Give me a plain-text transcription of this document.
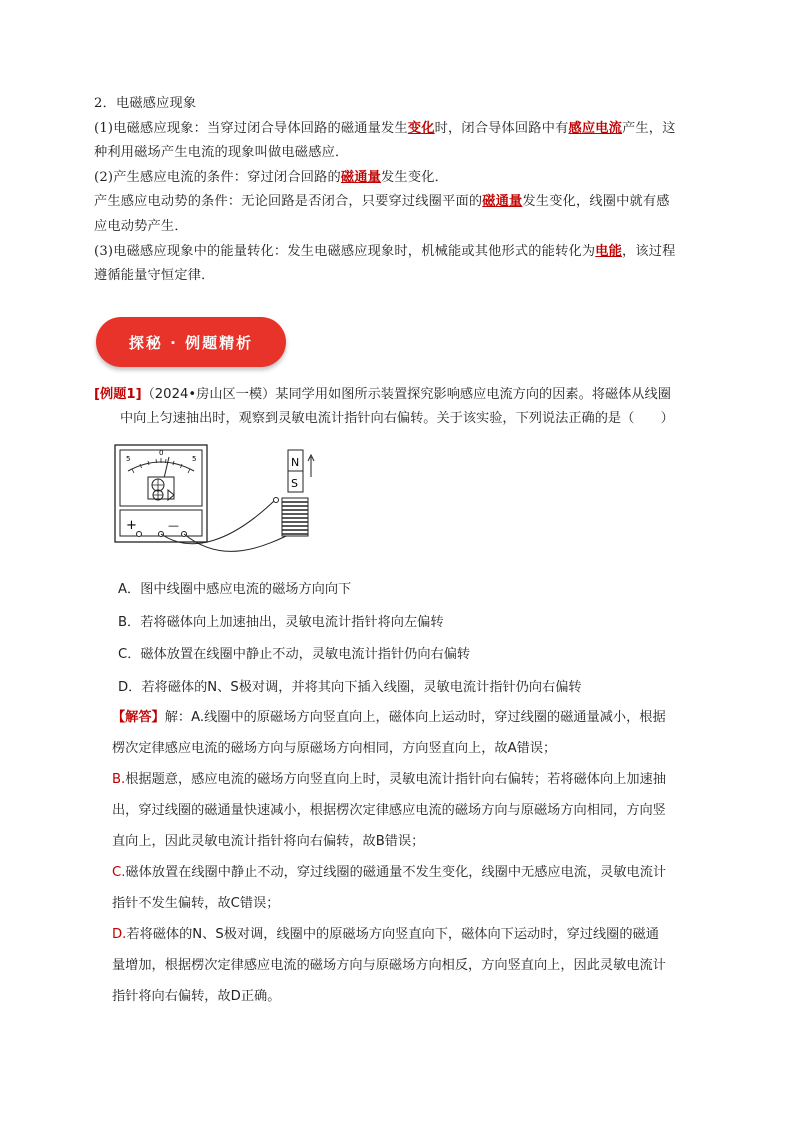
2．电磁感应现象
(1)电磁感应现象：当穿过闭合导体回路的磁通量发生变化时，闭合导体回路中有感应电流产生，这
种利用磁场产生电流的现象叫做电磁感应．
(2)产生感应电流的条件：穿过闭合回路的磁通量发生变化．
产生感应电动势的条件：无论回路是否闭合，只要穿过线圈平面的磁通量发生变化，线圈中就有感
应电动势产生．
(3)电磁感应现象中的能量转化：发生电磁感应现象时，机械能或其他形式的能转化为电能，该过程
遵循能量守恒定律．
探秘 · 例题精析
[例题1]（2024•房山区一模）某同学用如图所示装置探究影响感应电流方向的因素。将磁体从线圈
中向上匀速抽出时，观察到灵敏电流计指针向右偏转。关于该实验，下列说法正确的是（　　）
5
0
5
+	—
N
S
A．图中线圈中感应电流的磁场方向向下
B．若将磁体向上加速抽出，灵敏电流计指针将向左偏转
C．磁体放置在线圈中静止不动，灵敏电流计指针仍向右偏转
D．若将磁体的N、S极对调，并将其向下插入线圈，灵敏电流计指针仍向右偏转
【解答】解：A.线圈中的原磁场方向竖直向上，磁体向上运动时，穿过线圈的磁通量减小，根据
楞次定律感应电流的磁场方向与原磁场方向相同，方向竖直向上，故A错误；
B.根据题意，感应电流的磁场方向竖直向上时，灵敏电流计指针向右偏转；若将磁体向上加速抽
出，穿过线圈的磁通量快速减小，根据楞次定律感应电流的磁场方向与原磁场方向相同，方向竖
直向上，因此灵敏电流计指针将向右偏转，故B错误；
C.磁体放置在线圈中静止不动，穿过线圈的磁通量不发生变化，线圈中无感应电流，灵敏电流计
指针不发生偏转，故C错误；
D.若将磁体的N、S极对调，线圈中的原磁场方向竖直向下，磁体向下运动时，穿过线圈的磁通
量增加，根据楞次定律感应电流的磁场方向与原磁场方向相反，方向竖直向上，因此灵敏电流计
指针将向右偏转，故D正确。
